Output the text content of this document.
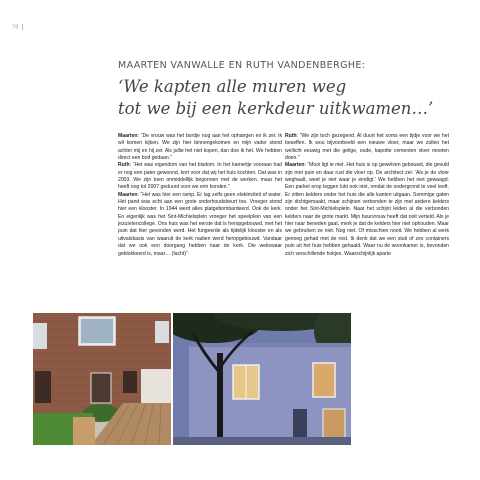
78
MAARTEN VANWALLE EN RUTH VANDENBERGHE:
‘We kapten alle muren weg
tot we bij een kerkdeur uitkwamen…’

Maarten: “De vrouw was het bordje nog aan het ophangen en ik zei: ik wil komen kijken. We zijn hier binnengekomen en mijn vader stond achter mij en hij zei: Als jullie het niet kopen, dan doe ik het. We hebben direct een bod gedaan.”

Ruth: “Het was eigendom van het bisdom. In het kamertje vooraan had er nog een pater gewoond, kort voor dat wij het huis kochten. Dat was in 2003. We zijn toen onmiddellijk begonnen met de werken, maar het heeft nog tot 2007 geduurd voor we erin konden.”

Maarten: “Het was hier een ramp. Er lag zelfs geen elektriciteit of water. Het pand was echt aan een grote onderhoudsbeurt toe. Vroeger stond hier een klooster. In 1944 werd alles platgebombardeerd. Ook de kerk. En eigenlijk was het Sint-Michielsplein vroeger het speelplein van een jezuïetencollege. Ons huis was het eerste dat is heropgebouwd, met het puin dat hier gevonden werd. Het fungeerde als tijdelijk klooster en als uitvalsbasis van waaruit de kerk nadien werd heropgebouwd. Vandaar dat we ook een doorgang hebben naar de kerk. Die weliswaar geblokkeerd is, maar… (lacht)”

Ruth: “We zijn toch gezegend. Al duurt het soms een tijdje voor we het beseffen. Ik wou bijvoorbeeld een nieuwe vloer, maar we zullen het wellicht eeuwig met die gelige, oude, kapotte cementen vloer moeten doen.”

Maarten: “Mooi ligt ie niet. Het huis is op gewelven gebouwd, die gevuld zijn met puin en daar rust die vloer op. De architect zei: ‘Als je de vloer weghaalt, weet je niet waar je eindigt.’ We hebben het niet gewaagd. Een parket erop leggen lukt ook niet, omdat de ondergrond te veel leeft. Er zitten kelders onder het huis die alle kanten uitgaan. Sommige gaten zijn dichtgemaakt, maar schijnen verbonden te zijn met andere kelders onder het Sint-Michielsplein. Naar het schijnt leiden al die verbonden kelders naar de grote markt. Mijn buurvrouw heeft dat ooit verteld. Als je hier naar beneden gaat, merk je dat de kelders hier niet ophouden. Maar we gebruiken ze niet. Nog niet. Of misschien nooit. We hebben al werk genoeg gehad met de rest. Ik denk dat we een stuk of zes containers puin uit het huis hebben gehaald. Waar nu de woonkamer is, bevonden zich verschillende hokjes. Waarschijnlijk aparte
